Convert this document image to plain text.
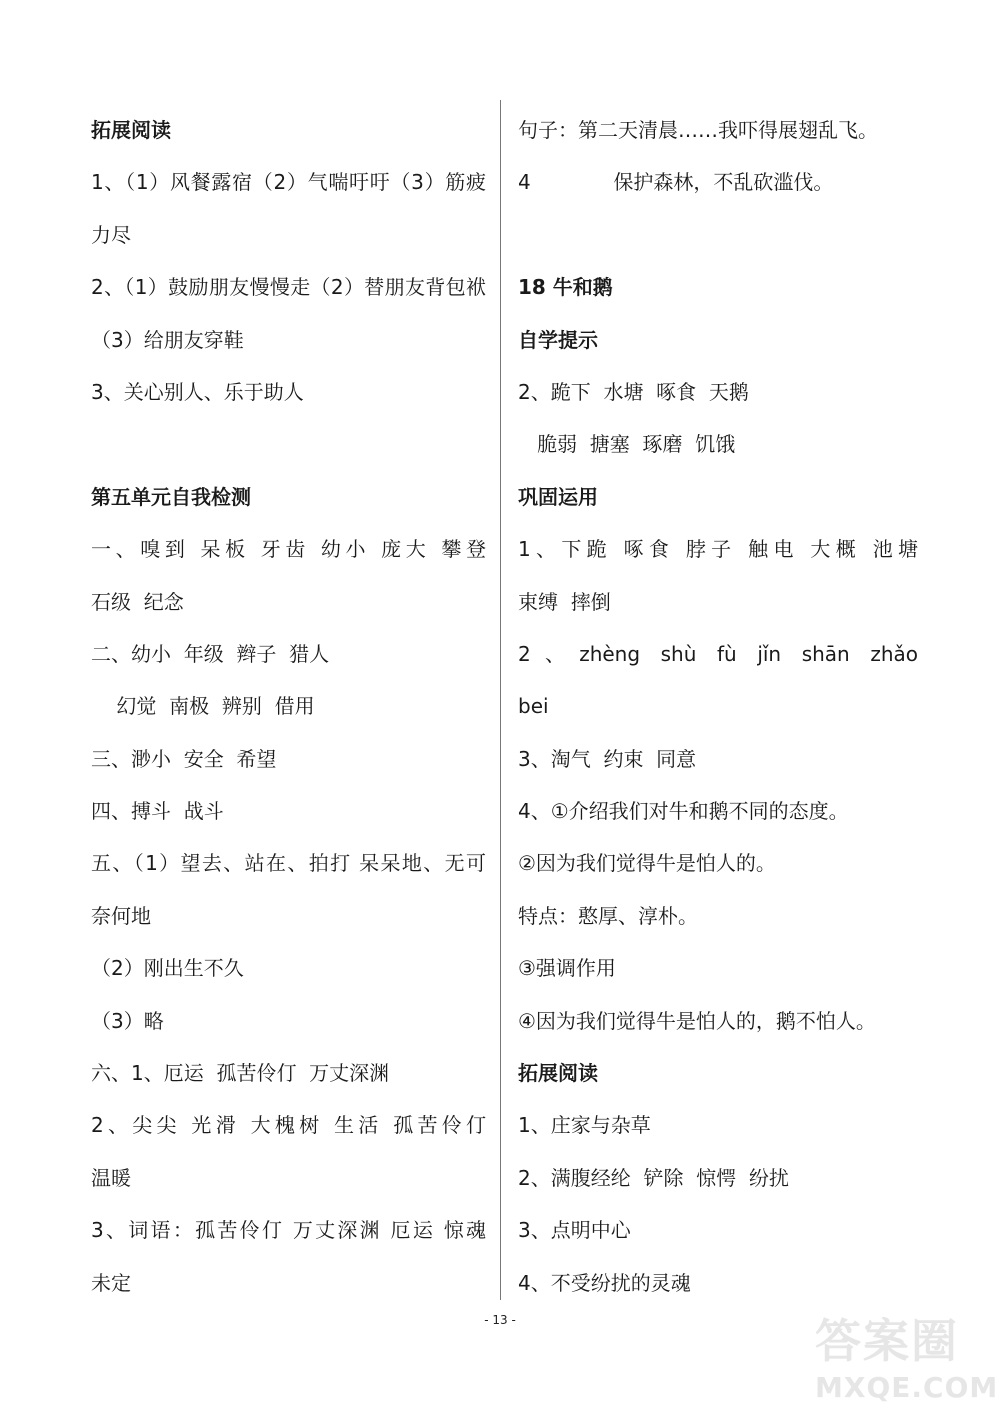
拓展阅读
1、（1）风餐露宿（2）气喘吁吁（3）筋疲
力尽
2、（1）鼓励朋友慢慢走（2）替朋友背包袱
（3）给朋友穿鞋
3、关心别人、乐于助人
第五单元自我检测
一、嗅到 呆板 牙齿 幼小 庞大 攀登
石级  纪念
二、幼小  年级  辫子  猎人
幻觉  南极  辨别  借用
三、渺小  安全  希望
四、搏斗  战斗
五、（1）望去、站在、拍打 呆呆地、无可
奈何地
（2）刚出生不久
（3）略
六、1、厄运  孤苦伶仃  万丈深渊
2、尖尖 光滑 大槐树 生活 孤苦伶仃
温暖
3、词语：孤苦伶仃 万丈深渊 厄运 惊魂
未定
句子：第二天清晨……我吓得展翅乱飞。
4             保护森林，不乱砍滥伐。
18 牛和鹅
自学提示
2、跪下  水塘  啄食  天鹅
脆弱  搪塞  琢磨  饥饿
巩固运用
1、下跪 啄食 脖子 触电 大概 池塘
束缚  摔倒
2、zhèng shù fù jǐn shān zhǎo
bei
3、淘气  约束  同意
4、①介绍我们对牛和鹅不同的态度。
②因为我们觉得牛是怕人的。
特点：憨厚、淳朴。
③强调作用
④因为我们觉得牛是怕人的，鹅不怕人。
拓展阅读
1、庄家与杂草
2、满腹经纶  铲除  惊愕  纷扰
3、点明中心
4、不受纷扰的灵魂
- 13 -	答案圈
MXQE.COM
